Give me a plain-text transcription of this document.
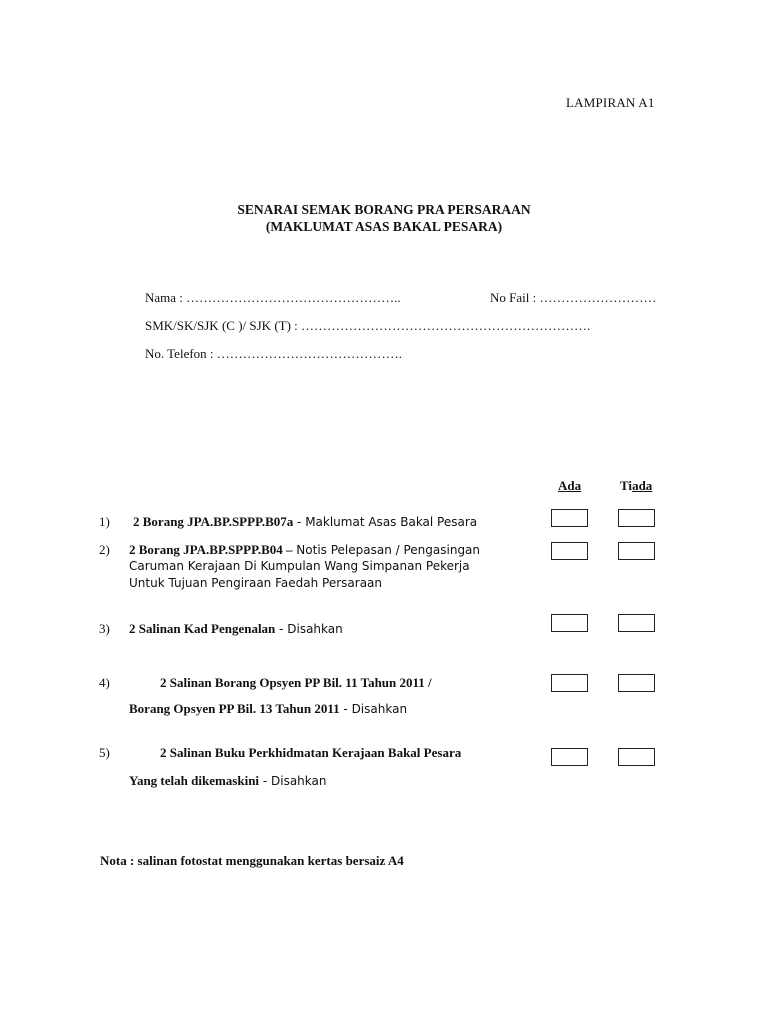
LAMPIRAN A1
SENARAI SEMAK BORANG PRA PERSARAAN
(MAKLUMAT ASAS BAKAL PESARA)
Nama : …………………………………………..	No Fail : ………………………
SMK/SK/SJK (C )/ SJK (T) : ………………………………………………………….
No. Telefon : …………………………………….
Ada	Tiada
1) 2 Borang JPA.BP.SPPP.B07a - Maklumat Asas Bakal Pesara
2) 2 Borang JPA.BP.SPPP.B04 – Notis Pelepasan / Pengasingan
Caruman Kerajaan Di Kumpulan Wang Simpanan Pekerja
Untuk Tujuan Pengiraan Faedah Persaraan
3) 2 Salinan Kad Pengenalan - Disahkan
4)	2 Salinan Borang Opsyen PP Bil. 11 Tahun 2011 /
Borang Opsyen PP Bil. 13 Tahun 2011 - Disahkan
5)	2 Salinan Buku Perkhidmatan Kerajaan Bakal Pesara
Yang telah dikemaskini - Disahkan
Nota : salinan fotostat menggunakan kertas bersaiz A4
